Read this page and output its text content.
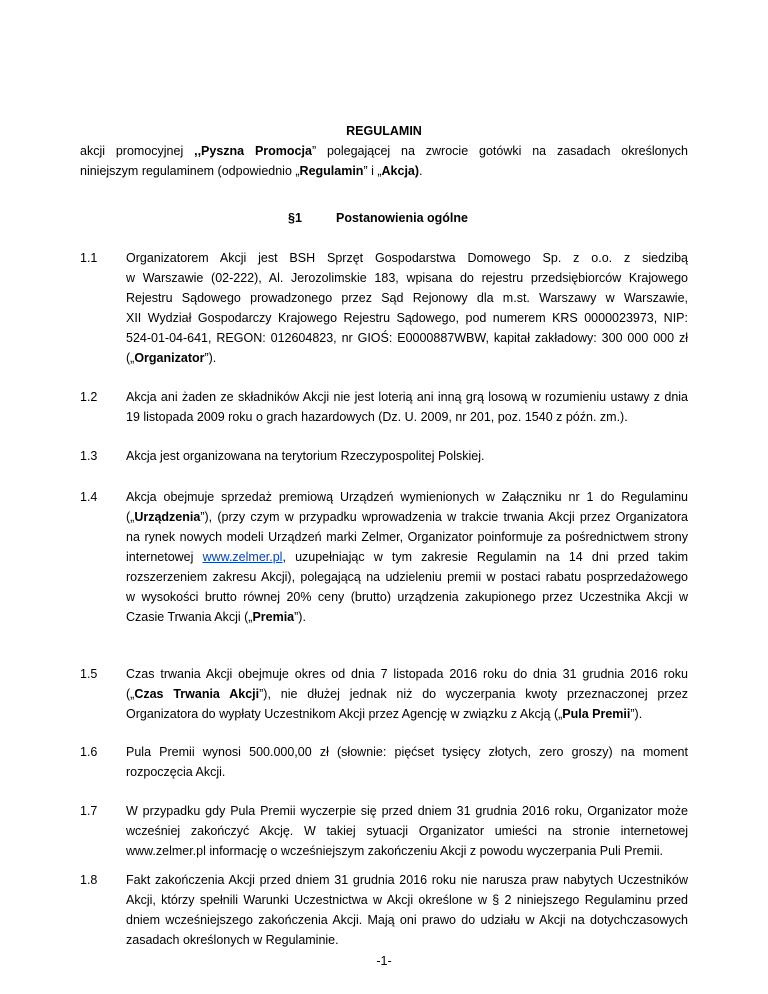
REGULAMIN
akcji promocyjnej ,,Pyszna Promocja” polegającej na zwrocie gotówki na zasadach określonych
niniejszym regulaminem (odpowiednio „Regulamin” i „Akcja).
§1	Postanowienia ogólne
1.1 Organizatorem Akcji jest BSH Sprzęt Gospodarstwa Domowego Sp. z o.o. z siedzibą
w Warszawie (02-222), Al. Jerozolimskie 183, wpisana do rejestru przedsiębiorców Krajowego
Rejestru Sądowego prowadzonego przez Sąd Rejonowy dla m.st. Warszawy w Warszawie,
XII Wydział Gospodarczy Krajowego Rejestru Sądowego, pod numerem KRS 0000023973, NIP:
524-01-04-641, REGON: 012604823, nr GIOŚ: E0000887WBW, kapitał zakładowy: 300 000 000 zł
(„Organizator”).
1.2 Akcja ani żaden ze składników Akcji nie jest loterią ani inną grą losową w rozumieniu ustawy z dnia
19 listopada 2009 roku o grach hazardowych (Dz. U. 2009, nr 201, poz. 1540 z późn. zm.).
1.3 Akcja jest organizowana na terytorium Rzeczypospolitej Polskiej.
1.4 Akcja obejmuje sprzedaż premiową Urządzeń wymienionych w Załączniku nr 1 do Regulaminu
(„Urządzenia”), (przy czym w przypadku wprowadzenia w trakcie trwania Akcji przez Organizatora
na rynek nowych modeli Urządzeń marki Zelmer, Organizator poinformuje za pośrednictwem strony
internetowej www.zelmer.pl, uzupełniając w tym zakresie Regulamin na 14 dni przed takim
rozszerzeniem zakresu Akcji), polegającą na udzieleniu premii w postaci rabatu posprzedażowego
w wysokości brutto równej 20% ceny (brutto) urządzenia zakupionego przez Uczestnika Akcji w
Czasie Trwania Akcji („Premia”).
1.5 Czas trwania Akcji obejmuje okres od dnia 7 listopada 2016 roku do dnia 31 grudnia 2016 roku
(„Czas Trwania Akcji”), nie dłużej jednak niż do wyczerpania kwoty przeznaczonej przez
Organizatora do wypłaty Uczestnikom Akcji przez Agencję w związku z Akcją („Pula Premii”).
1.6 Pula Premii wynosi 500.000,00 zł (słownie: pięćset tysięcy złotych, zero groszy) na moment
rozpoczęcia Akcji.
1.7 W przypadku gdy Pula Premii wyczerpie się przed dniem 31 grudnia 2016 roku, Organizator może
wcześniej zakończyć Akcję. W takiej sytuacji Organizator umieści na stronie internetowej
www.zelmer.pl informację o wcześniejszym zakończeniu Akcji z powodu wyczerpania Puli Premii.
1.8 Fakt zakończenia Akcji przed dniem 31 grudnia 2016 roku nie narusza praw nabytych Uczestników
Akcji, którzy spełnili Warunki Uczestnictwa w Akcji określone w § 2 niniejszego Regulaminu przed
dniem wcześniejszego zakończenia Akcji. Mają oni prawo do udziału w Akcji na dotychczasowych
zasadach określonych w Regulaminie.
-1-
